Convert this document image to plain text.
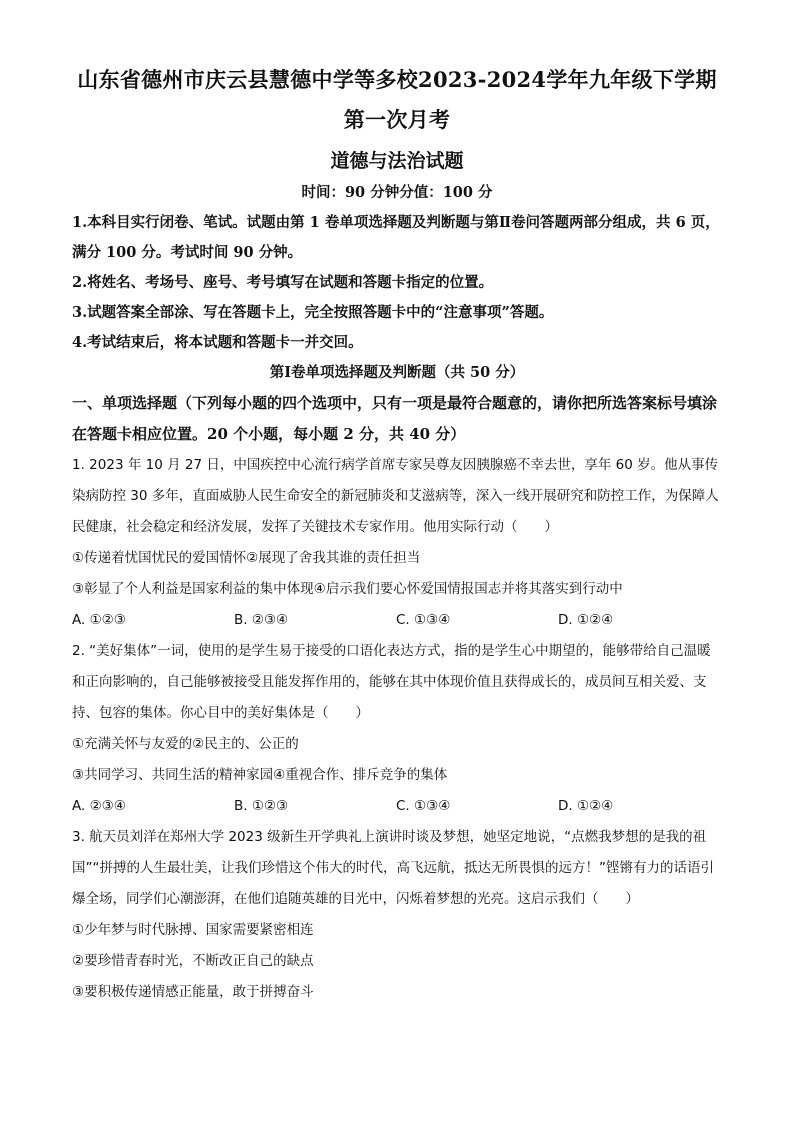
山东省德州市庆云县慧德中学等多校2023-2024学年九年级下学期第一次月考
道德与法治试题
时间：90 分钟分值：100 分
1.本科目实行闭卷、笔试。试题由第 1 卷单项选择题及判断题与第Ⅱ卷问答题两部分组成，共 6 页，满分 100 分。考试时间 90 分钟。
2.将姓名、考场号、座号、考号填写在试题和答题卡指定的位置。
3.试题答案全部涂、写在答题卡上，完全按照答题卡中的“注意事项”答题。
4.考试结束后，将本试题和答题卡一并交回。
第Ⅰ卷单项选择题及判断题（共 50 分）
一、单项选择题（下列每小题的四个选项中，只有一项是最符合题意的，请你把所选答案标号填涂在答题卡相应位置。20 个小题，每小题 2 分，共 40 分）
1. 2023 年 10 月 27 日，中国疾控中心流行病学首席专家吴尊友因胰腺癌不幸去世，享年 60 岁。他从事传染病防控 30 多年，直面威胁人民生命安全的新冠肺炎和艾滋病等，深入一线开展研究和防控工作，为保障人民健康，社会稳定和经济发展，发挥了关键技术专家作用。他用实际行动（　　）
①传递着忧国忧民的爱国情怀②展现了舍我其谁的责任担当
③彰显了个人利益是国家利益的集中体现④启示我们要心怀爱国情报国志并将其落实到行动中
A. ①②③	B. ②③④	C. ①③④	D. ①②④
2. “美好集体”一词，使用的是学生易于接受的口语化表达方式，指的是学生心中期望的，能够带给自己温暖和正向影响的，自己能够被接受且能发挥作用的，能够在其中体现价值且获得成长的，成员间互相关爱、支持、包容的集体。你心目中的美好集体是（　　）
①充满关怀与友爱的②民主的、公正的
③共同学习、共同生活的精神家园④重视合作、排斥竞争的集体
A. ②③④	B. ①②③	C. ①③④	D. ①②④
3. 航天员刘洋在郑州大学 2023 级新生开学典礼上演讲时谈及梦想，她坚定地说，“点燃我梦想的是我的祖国”“拼搏的人生最壮美，让我们珍惜这个伟大的时代，高飞远航，抵达无所畏惧的远方！”铿锵有力的话语引爆全场，同学们心潮澎湃，在他们追随英雄的目光中，闪烁着梦想的光亮。这启示我们（　　）
①少年梦与时代脉搏、国家需要紧密相连
②要珍惜青春时光，不断改正自己的缺点
③要积极传递情感正能量，敢于拼搏奋斗
